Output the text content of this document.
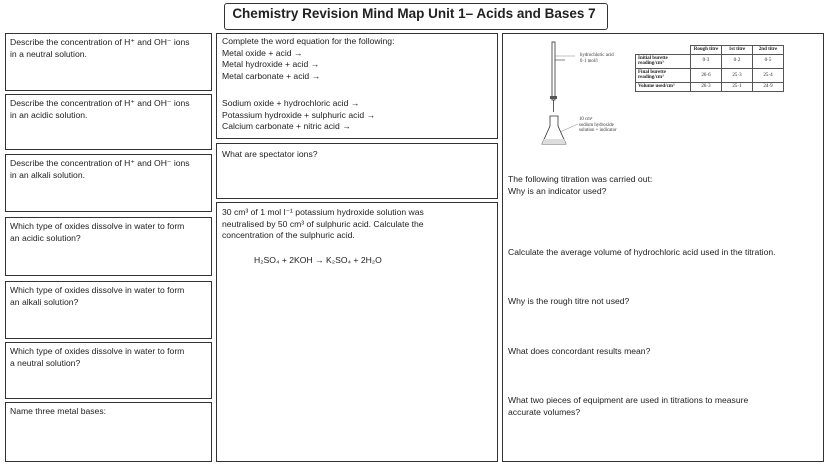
Chemistry Revision Mind Map Unit 1– Acids and Bases 7
Describe the concentration of H⁺ and OH⁻ ions
in a neutral solution.
Describe the concentration of H⁺ and OH⁻ ions
in an acidic solution.
Describe the concentration of H⁺ and OH⁻ ions
in an alkali solution.
Which type of oxides dissolve in water to form
an acidic solution?
Which type of oxides dissolve in water to form
an alkali solution?
Which type of oxides dissolve in water to form
a neutral solution?
Name three metal bases:
Complete the word equation for the following:
Metal oxide + acid →
Metal hydroxide + acid →
Metal carbonate + acid →
Sodium oxide + hydrochloric acid →
Potassium hydroxide + sulphuric acid →
Calcium carbonate + nitric acid →
What are spectator ions?
30 cm³ of 1 mol l⁻¹ potassium hydroxide solution was
neutralised by 50 cm³ of sulphuric acid. Calculate the
concentration of the sulphuric acid.
H₂SO₄ + 2KOH → K₂SO₄ + 2H₂O
hydrochloric acid
0·1 mol/l
10 cm³
sodium hydroxide
solution + indicator
	Rough titre	1st titre	2nd titre
Initial burette reading/cm³	0·3	0·2	0·5
Final burette reading/cm³	26·6	25·3	25·4
Volume used/cm³	26·3	25·1	24·9
The following titration was carried out:
Why is an indicator used?
Calculate the average volume of hydrochloric acid used in the titration.
Why is the rough titre not used?
What does concordant results mean?
What two pieces of equipment are used in titrations to measure
accurate volumes?
